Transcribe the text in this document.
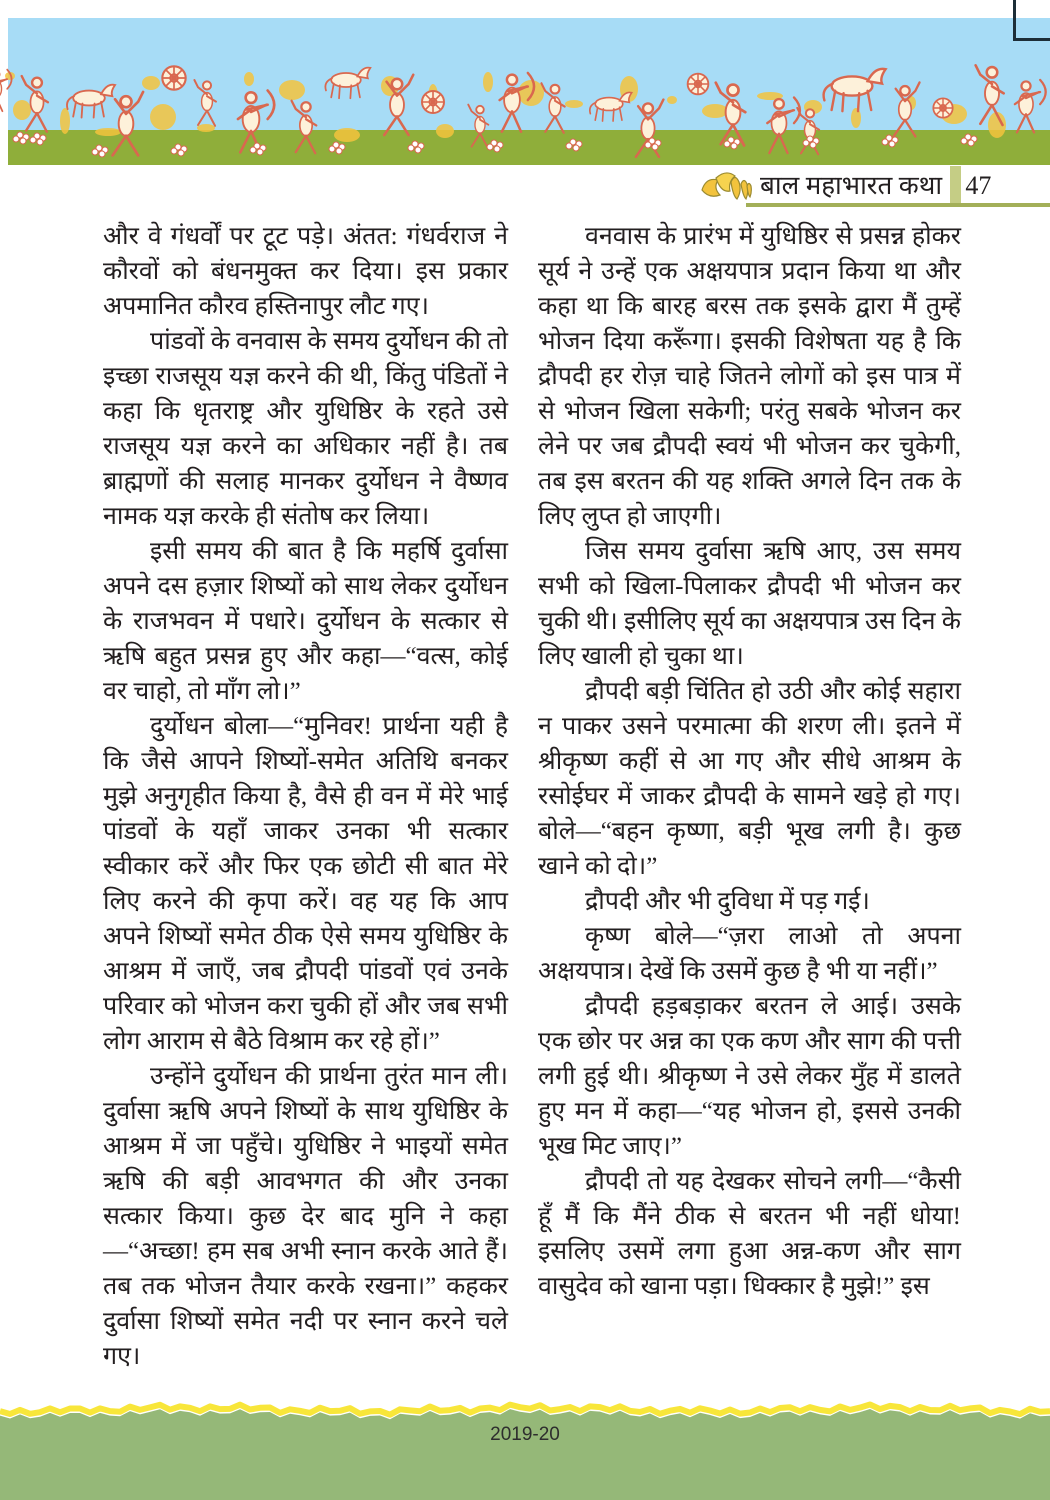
बाल महाभारत कथा 47

और वे गंधर्वों पर टूट पड़े। अंतत: गंधर्वराज ने कौरवों को बंधनमुक्त कर दिया। इस प्रकार अपमानित कौरव हस्तिनापुर लौट गए।

पांडवों के वनवास के समय दुर्योधन की तो इच्छा राजसूय यज्ञ करने की थी, किंतु पंडितों ने कहा कि धृतराष्ट्र और युधिष्ठिर के रहते उसे राजसूय यज्ञ करने का अधिकार नहीं है। तब ब्राह्मणों की सलाह मानकर दुर्योधन ने वैष्णव नामक यज्ञ करके ही संतोष कर लिया।

इसी समय की बात है कि महर्षि दुर्वासा अपने दस हज़ार शिष्यों को साथ लेकर दुर्योधन के राजभवन में पधारे। दुर्योधन के सत्कार से ऋषि बहुत प्रसन्न हुए और कहा—“वत्स, कोई वर चाहो, तो माँग लो।”

दुर्योधन बोला—“मुनिवर! प्रार्थना यही है कि जैसे आपने शिष्यों-समेत अतिथि बनकर मुझे अनुगृहीत किया है, वैसे ही वन में मेरे भाई पांडवों के यहाँ जाकर उनका भी सत्कार स्वीकार करें और फिर एक छोटी सी बात मेरे लिए करने की कृपा करें। वह यह कि आप अपने शिष्यों समेत ठीक ऐसे समय युधिष्ठिर के आश्रम में जाएँ, जब द्रौपदी पांडवों एवं उनके परिवार को भोजन करा चुकी हों और जब सभी लोग आराम से बैठे विश्राम कर रहे हों।”

उन्होंने दुर्योधन की प्रार्थना तुरंत मान ली। दुर्वासा ऋषि अपने शिष्यों के साथ युधिष्ठिर के आश्रम में जा पहुँचे। युधिष्ठिर ने भाइयों समेत ऋषि की बड़ी आवभगत की और उनका सत्कार किया। कुछ देर बाद मुनि ने कहा—“अच्छा! हम सब अभी स्नान करके आते हैं। तब तक भोजन तैयार करके रखना।” कहकर दुर्वासा शिष्यों समेत नदी पर स्नान करने चले गए।

वनवास के प्रारंभ में युधिष्ठिर से प्रसन्न होकर सूर्य ने उन्हें एक अक्षयपात्र प्रदान किया था और कहा था कि बारह बरस तक इसके द्वारा मैं तुम्हें भोजन दिया करूँगा। इसकी विशेषता यह है कि द्रौपदी हर रोज़ चाहे जितने लोगों को इस पात्र में से भोजन खिला सकेगी; परंतु सबके भोजन कर लेने पर जब द्रौपदी स्वयं भी भोजन कर चुकेगी, तब इस बरतन की यह शक्ति अगले दिन तक के लिए लुप्त हो जाएगी।

जिस समय दुर्वासा ऋषि आए, उस समय सभी को खिला-पिलाकर द्रौपदी भी भोजन कर चुकी थी। इसीलिए सूर्य का अक्षयपात्र उस दिन के लिए खाली हो चुका था।

द्रौपदी बड़ी चिंतित हो उठी और कोई सहारा न पाकर उसने परमात्मा की शरण ली। इतने में श्रीकृष्ण कहीं से आ गए और सीधे आश्रम के रसोईघर में जाकर द्रौपदी के सामने खड़े हो गए। बोले—“बहन कृष्णा, बड़ी भूख लगी है। कुछ खाने को दो।”

द्रौपदी और भी दुविधा में पड़ गई।

कृष्ण बोले—“ज़रा लाओ तो अपना अक्षयपात्र। देखें कि उसमें कुछ है भी या नहीं।”

द्रौपदी हड़बड़ाकर बरतन ले आई। उसके एक छोर पर अन्न का एक कण और साग की पत्ती लगी हुई थी। श्रीकृष्ण ने उसे लेकर मुँह में डालते हुए मन में कहा—“यह भोजन हो, इससे उनकी भूख मिट जाए।”

द्रौपदी तो यह देखकर सोचने लगी—“कैसी हूँ मैं कि मैंने ठीक से बरतन भी नहीं धोया! इसलिए उसमें लगा हुआ अन्न-कण और साग वासुदेव को खाना पड़ा। धिक्कार है मुझे!” इस

2019-20
